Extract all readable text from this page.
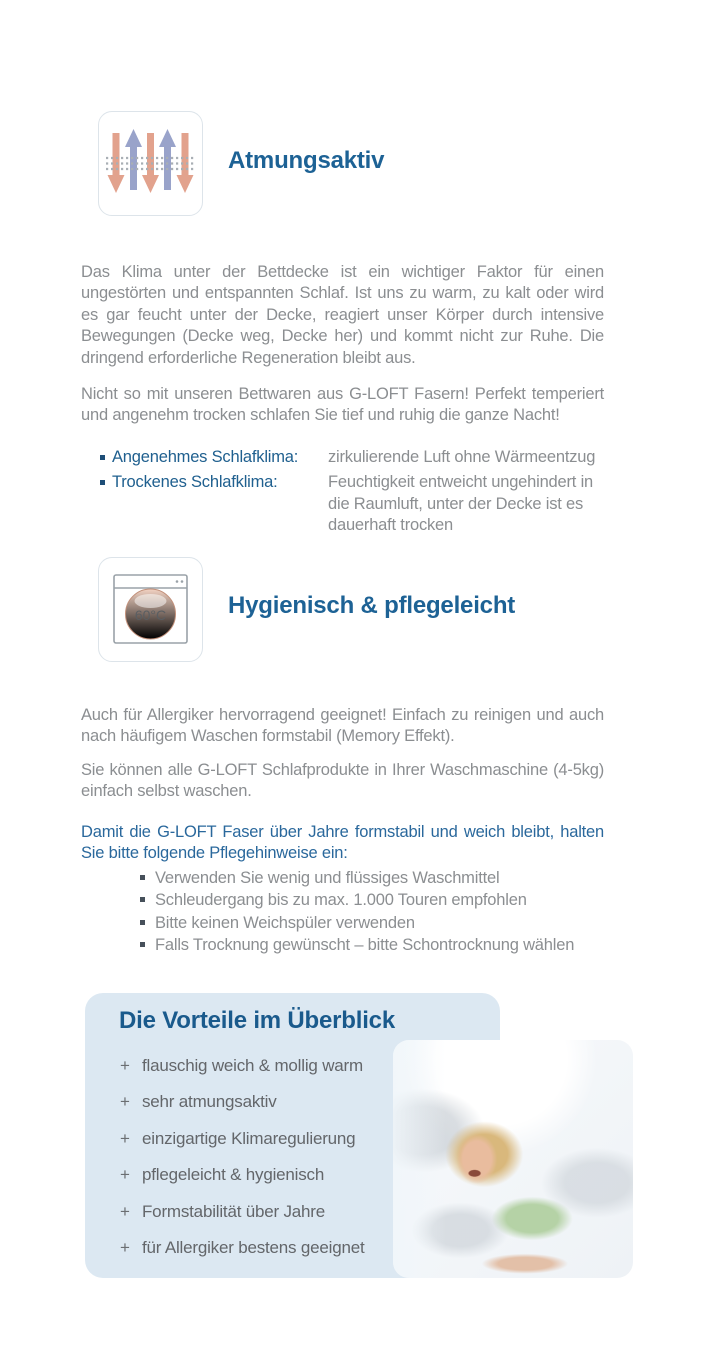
Atmungsaktiv

Das Klima unter der Bettdecke ist ein wichtiger Faktor für einen ungestörten und entspannten Schlaf. Ist uns zu warm, zu kalt oder wird es gar feucht unter der Decke, reagiert unser Körper durch intensive Bewegungen (Decke weg, Decke her) und kommt nicht zur Ruhe. Die dringend erforderliche Regeneration bleibt aus.

Nicht so mit unseren Bettwaren aus G-LOFT Fasern! Perfekt temperiert und angenehm trocken schlafen Sie tief und ruhig die ganze Nacht!

Angenehmes Schlafklima: zirkulierende Luft ohne Wärmeentzug
Trockenes Schlafklima:	Feuchtigkeit entweicht ungehindert in die Raumluft, unter der Decke ist es dauerhaft trocken
60°C	Hygienisch & pflegeleicht

Auch für Allergiker hervorragend geeignet! Einfach zu reinigen und auch nach häufigem Waschen formstabil (Memory Effekt).

Sie können alle G-LOFT Schlafprodukte in Ihrer Waschmaschine (4-5kg) einfach selbst waschen.

Damit die G-LOFT Faser über Jahre formstabil und weich bleibt, halten Sie bitte folgende Pflegehinweise ein:

Verwenden Sie wenig und flüssiges Waschmittel
Schleudergang bis zu max. 1.000 Touren empfohlen
Bitte keinen Weichspüler verwenden
Falls Trocknung gewünscht – bitte Schontrocknung wählen
Die Vorteile im Überblick
+ flauschig weich & mollig warm
+ sehr atmungsaktiv
+ einzigartige Klimaregulierung
+ pflegeleicht & hygienisch
+ Formstabilität über Jahre
+ für Allergiker bestens geeignet
